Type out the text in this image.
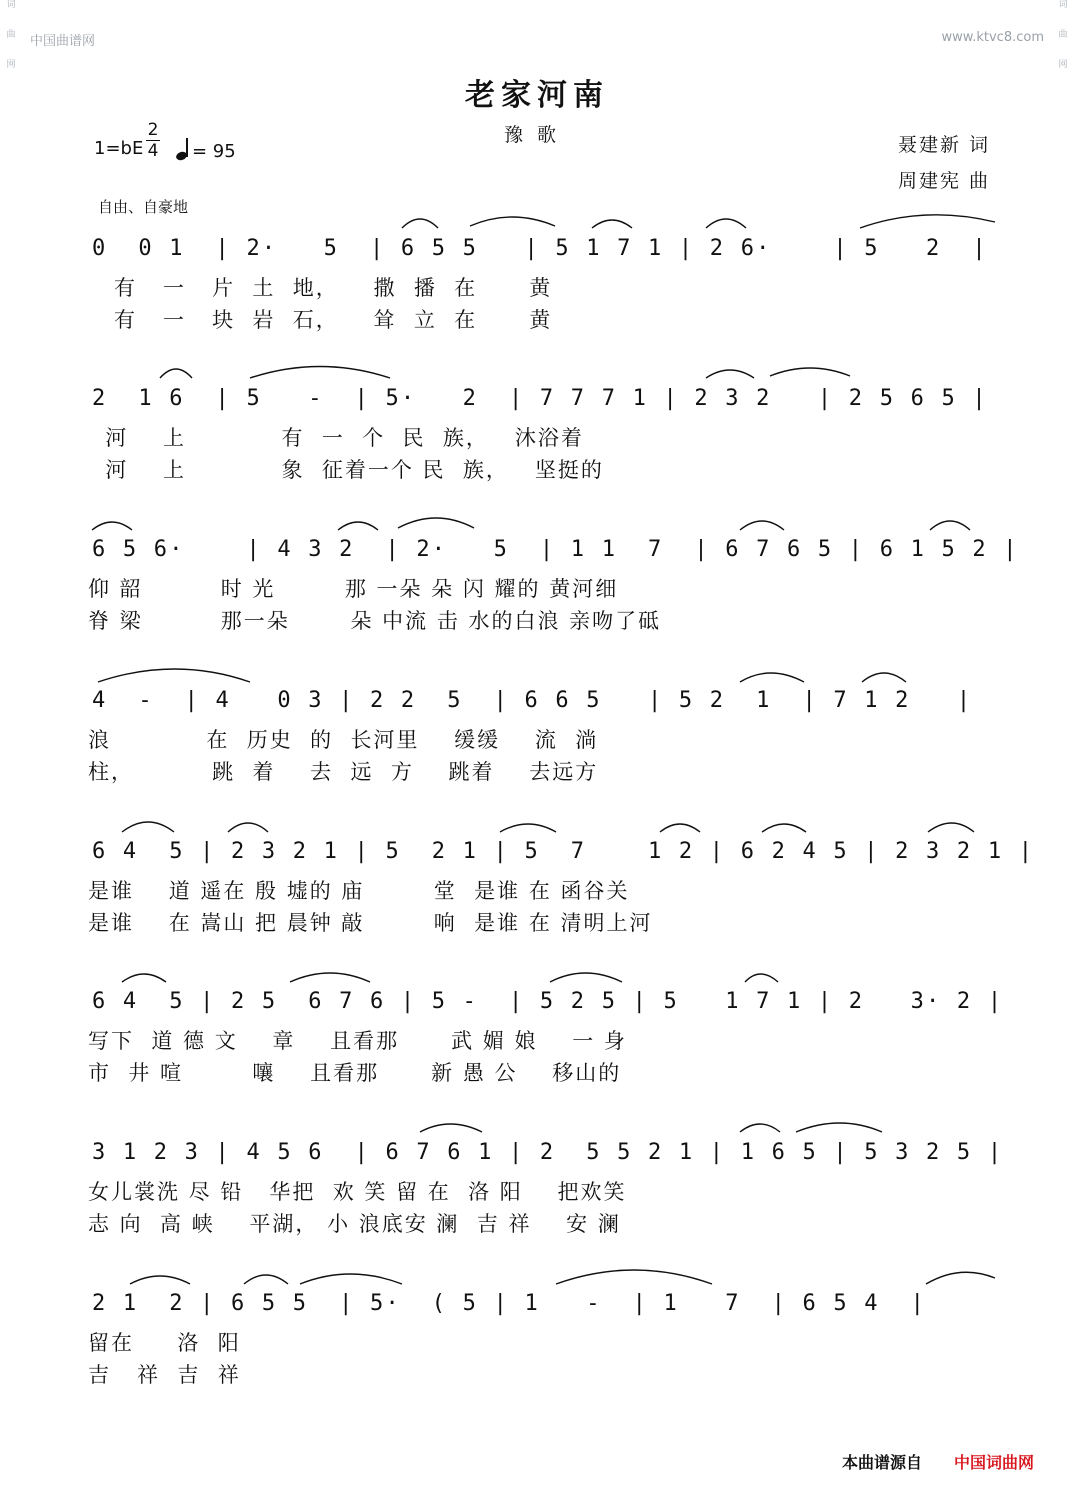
词
曲
网
词
曲
网
中国曲谱网	www.ktvc8.com
老家河南
豫歌	聂建新 词
周建宪 曲
1=bE
2
4	= 95
自由、自豪地
0  0 1  | 2·   5  | 6 5 5   | 5 1 7 1 | 2 6·    | 5   2  |
有   一   片  土  地，    撒  播  在      黄
有   一   块  岩  石，    耸  立  在      黄
2  1 6  | 5   -  | 5·   2  | 7 7 7 1 | 2 3 2   | 2 5 6 5 |
河    上           有  一  个  民  族，   沐浴着
河    上           象  征着一个 民  族，   坚挺的
6 5 6·    | 4 3 2  | 2·   5  | 1 1  7  | 6 7 6 5 | 6 1 5 2 |
仰 韶         时 光        那 一朵 朵 闪 耀的 黄河细
脊 梁         那一朵       朵 中流 击 水的白浪 亲吻了砥
4  -  | 4   0 3 | 2 2  5  | 6 6 5   | 5 2  1  | 7 1 2   |
浪           在  历史  的  长河里    缓缓    流  淌
柱，         跳  着    去  远  方    跳着    去远方
6 4  5 | 2 3 2 1 | 5  2 1 | 5  7    1 2 | 6 2 4 5 | 2 3 2 1 |
是谁    道 遥在 殷 墟的 庙        堂  是谁 在 函谷关
是谁    在 嵩山 把 晨钟 敲        响  是谁 在 清明上河
6 4  5 | 2 5  6 7 6 | 5 -  | 5 2 5 | 5   1 7 1 | 2   3· 2 |
写下  道 德 文    章    且看那      武 媚 娘    一 身
市  井 喧        嚷    且看那      新 愚 公    移山的
3 1 2 3 | 4 5 6  | 6 7 6 1 | 2  5 5 2 1 | 1 6 5 | 5 3 2 5 |
女儿裳洗 尽 铅   华把  欢 笑 留 在  洛 阳    把欢笑
志 向  高 峡    平湖， 小 浪底安 澜  吉 祥    安 澜
2 1  2 | 6 5 5  | 5·  ( 5 | 1   -  | 1   7  | 6 5 4  |
留在     洛  阳
吉   祥  吉  祥
本曲谱源自 中国词曲网
